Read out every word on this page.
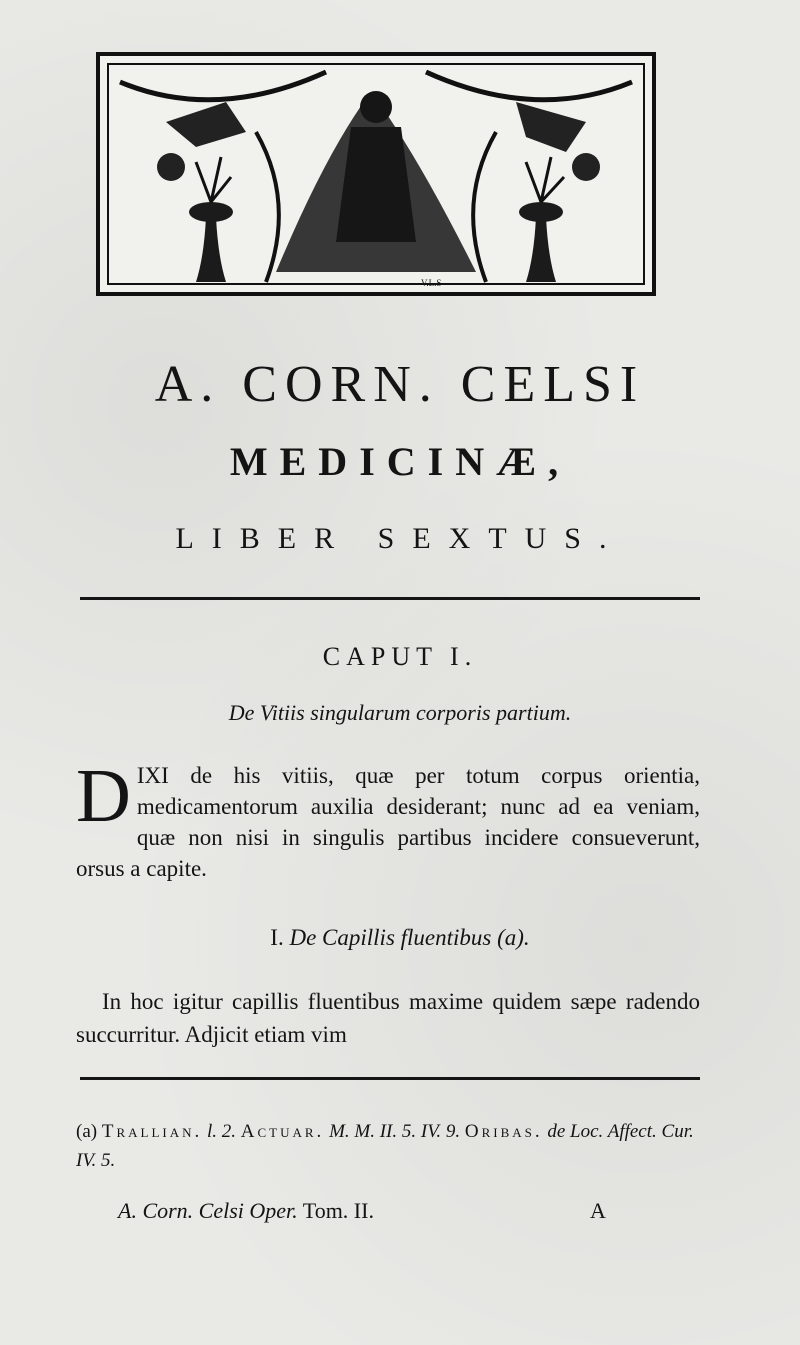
V.L.S
A. CORN. CELSI
MEDICINÆ,
LIBER SEXTUS.
CAPUT I.
De Vitiis singularum corporis partium.
D IXI de his vitiis, quæ per totum corpus orientia, medicamentorum auxilia desiderant; nunc ad ea veniam, quæ non nisi in singulis partibus incidere consueverunt, orsus a capite.
I. De Capillis fluentibus (a).
In hoc igitur capillis fluentibus maxime quidem sæpe radendo succurritur. Adjicit etiam vim
(a) Trallian. l. 2. Actuar. M. M. II. 5. IV. 9. Oribas. de Loc. Affect. Cur. IV. 5.
A. Corn. Celsi Oper. Tom. II.	A
